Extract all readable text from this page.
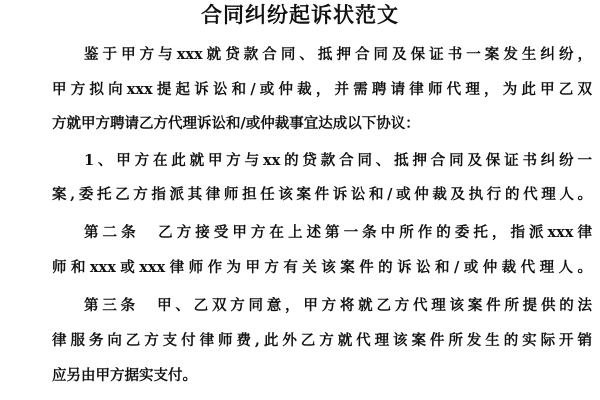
合同纠纷起诉状范文
鉴于甲方与xxx就贷款合同、抵押合同及保证书一案发生纠纷，
甲方拟向xxx提起诉讼和/或仲裁，并需聘请律师代理，为此甲乙双
方就甲方聘请乙方代理诉讼和/或仲裁事宜达成以下协议：
1、甲方在此就甲方与xx的贷款合同、抵押合同及保证书纠纷一
案,委托乙方指派其律师担任该案件诉讼和/或仲裁及执行的代理人。
第二条　乙方接受甲方在上述第一条中所作的委托，指派xxx律
师和xxx或xxx律师作为甲方有关该案件的诉讼和/或仲裁代理人。
第三条　甲、乙双方同意，甲方将就乙方代理该案件所提供的法
律服务向乙方支付律师费,此外乙方就代理该案件所发生的实际开销
应另由甲方据实支付。
